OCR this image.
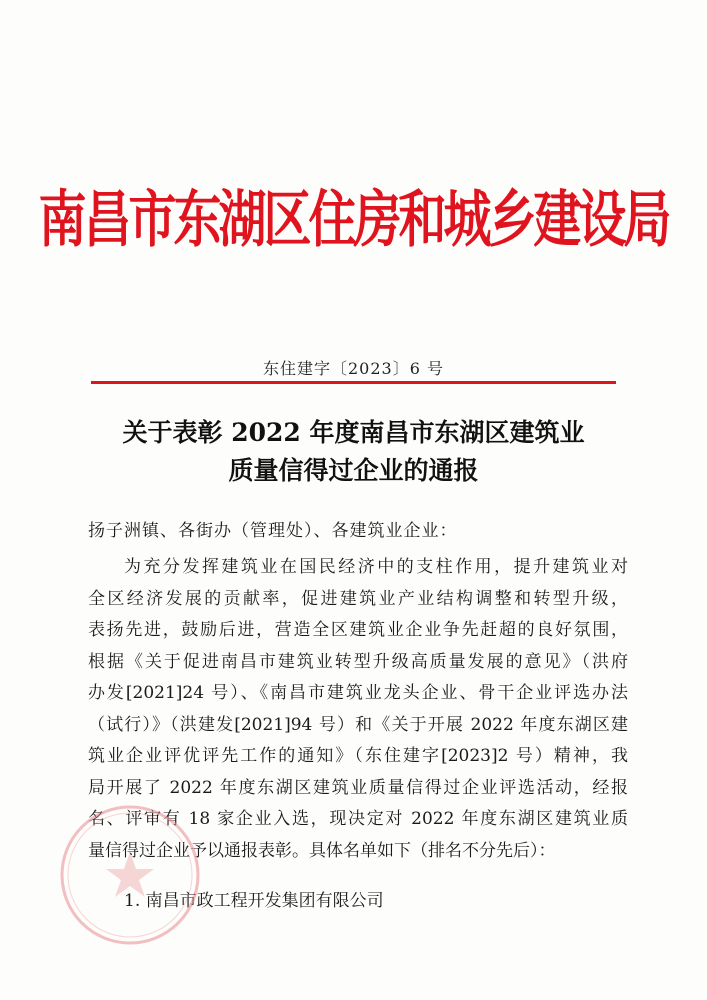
南昌市东湖区住房和城乡建设局
东住建字〔2023〕6 号
关于表彰 2022 年度南昌市东湖区建筑业
质量信得过企业的通报
扬子洲镇、各街办（管理处）、各建筑业企业：
为充分发挥建筑业在国民经济中的支柱作用，提升建筑业对
全区经济发展的贡献率，促进建筑业产业结构调整和转型升级，
表扬先进，鼓励后进，营造全区建筑业企业争先赶超的良好氛围，
根据《关于促进南昌市建筑业转型升级高质量发展的意见》（洪府
办发[2021]24 号）、《南昌市建筑业龙头企业、骨干企业评选办法
（试行）》（洪建发[2021]94 号）和《关于开展 2022 年度东湖区建
筑业企业评优评先工作的通知》（东住建字[2023]2 号）精神，我
局开展了 2022 年度东湖区建筑业质量信得过企业评选活动，经报
名、评审有 18 家企业入选，现决定对 2022 年度东湖区建筑业质
量信得过企业予以通报表彰。具体名单如下（排名不分先后）：
1. 南昌市政工程开发集团有限公司
